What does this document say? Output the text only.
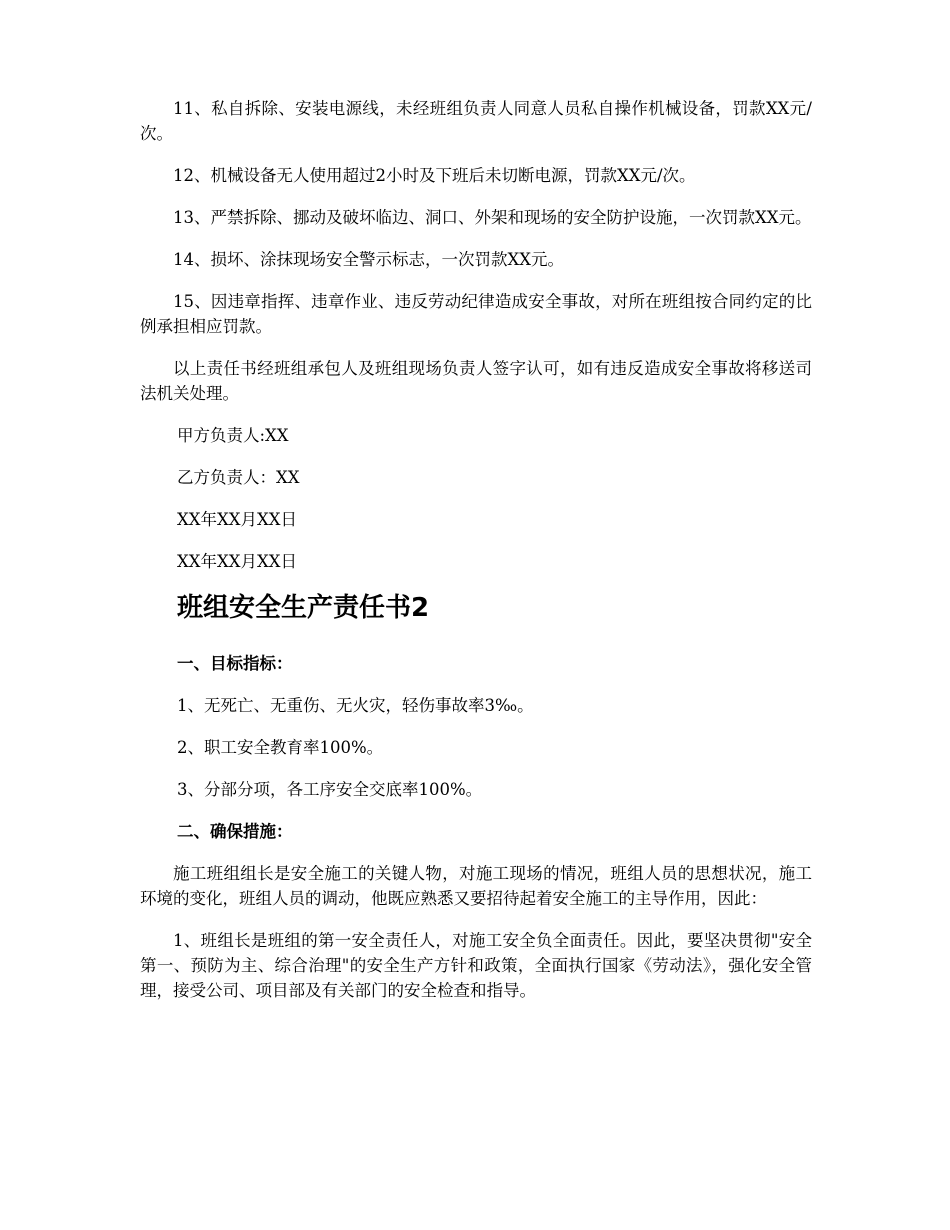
11、私自拆除、安装电源线，未经班组负责人同意人员私自操作机械设备，罚款XX元/次。

12、机械设备无人使用超过2小时及下班后未切断电源，罚款XX元/次。

13、严禁拆除、挪动及破坏临边、洞口、外架和现场的安全防护设施，一次罚款XX元。

14、损坏、涂抹现场安全警示标志，一次罚款XX元。

15、因违章指挥、违章作业、违反劳动纪律造成安全事故，对所在班组按合同约定的比例承担相应罚款。

以上责任书经班组承包人及班组现场负责人签字认可，如有违反造成安全事故将移送司法机关处理。

甲方负责人:XX

乙方负责人：XX

XX年XX月XX日

XX年XX月XX日

班组安全生产责任书2

一、目标指标：

1、无死亡、无重伤、无火灾，轻伤事故率3‰。

2、职工安全教育率100%。

3、分部分项，各工序安全交底率100%。

二、确保措施：

施工班组组长是安全施工的关键人物，对施工现场的情况，班组人员的思想状况，施工环境的变化，班组人员的调动，他既应熟悉又要招待起着安全施工的主导作用，因此：

1、班组长是班组的第一安全责任人，对施工安全负全面责任。因此，要坚决贯彻"安全第一、预防为主、综合治理"的安全生产方针和政策，全面执行国家《劳动法》，强化安全管理，接受公司、项目部及有关部门的安全检查和指导。
